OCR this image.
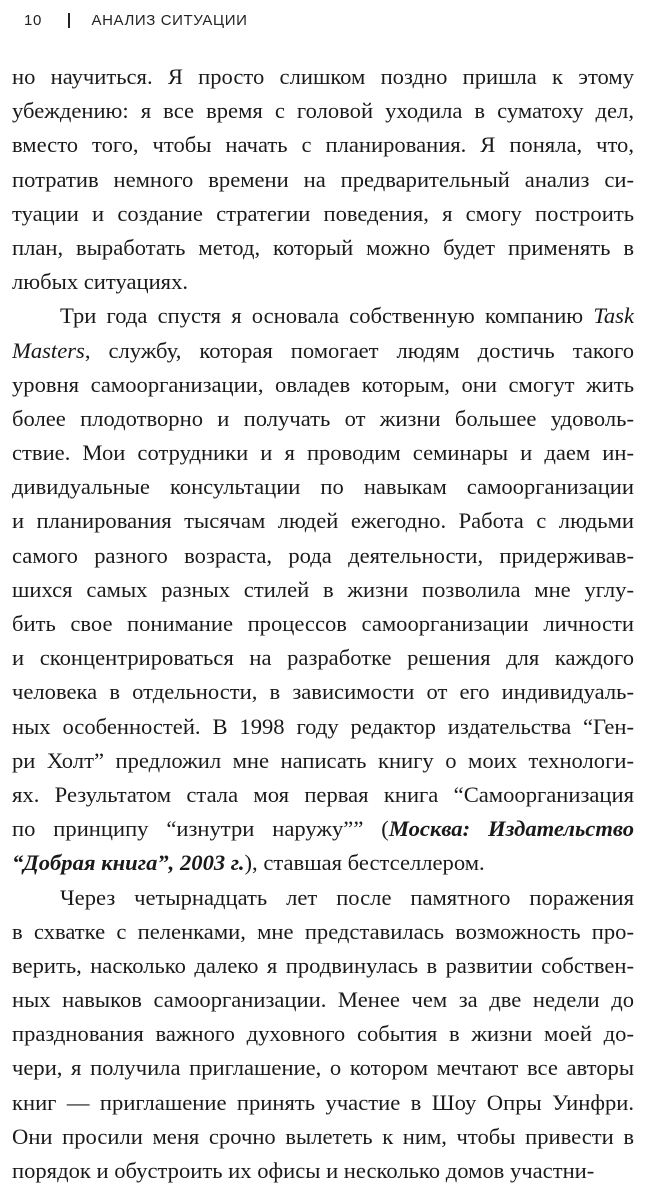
10	АНАЛИЗ СИТУАЦИИ
но научиться. Я просто слишком поздно пришла к этому
убеждению: я все время с головой уходила в суматоху дел,
вместо того, чтобы начать с планирования. Я поняла, что,
потратив немного времени на предварительный анализ си-
туации и создание стратегии поведения, я смогу построить
план, выработать метод, который можно будет применять в
любых ситуациях.
Три года спустя я основала собственную компанию Task
Masters, службу, которая помогает людям достичь такого
уровня самоорганизации, овладев которым, они смогут жить
более плодотворно и получать от жизни большее удоволь-
ствие. Мои сотрудники и я проводим семинары и даем ин-
дивидуальные консультации по навыкам самоорганизации
и планирования тысячам людей ежегодно. Работа с людьми
самого разного возраста, рода деятельности, придерживав-
шихся самых разных стилей в жизни позволила мне углу-
бить свое понимание процессов самоорганизации личности
и сконцентрироваться на разработке решения для каждого
человека в отдельности, в зависимости от его индивидуаль-
ных особенностей. В 1998 году редактор издательства “Ген-
ри Холт” предложил мне написать книгу о моих технологи-
ях. Результатом стала моя первая книга “Самоорганизация
по принципу “изнутри наружу”” (Москва: Издательство
“Добрая книга”, 2003 г.), ставшая бестселлером.
Через четырнадцать лет после памятного поражения
в схватке с пеленками, мне представилась возможность про-
верить, насколько далеко я продвинулась в развитии собствен-
ных навыков самоорганизации. Менее чем за две недели до
празднования важного духовного события в жизни моей до-
чери, я получила приглашение, о котором мечтают все авторы
книг — приглашение принять участие в Шоу Опры Уинфри.
Они просили меня срочно вылететь к ним, чтобы привести в
порядок и обустроить их офисы и несколько домов участни-
